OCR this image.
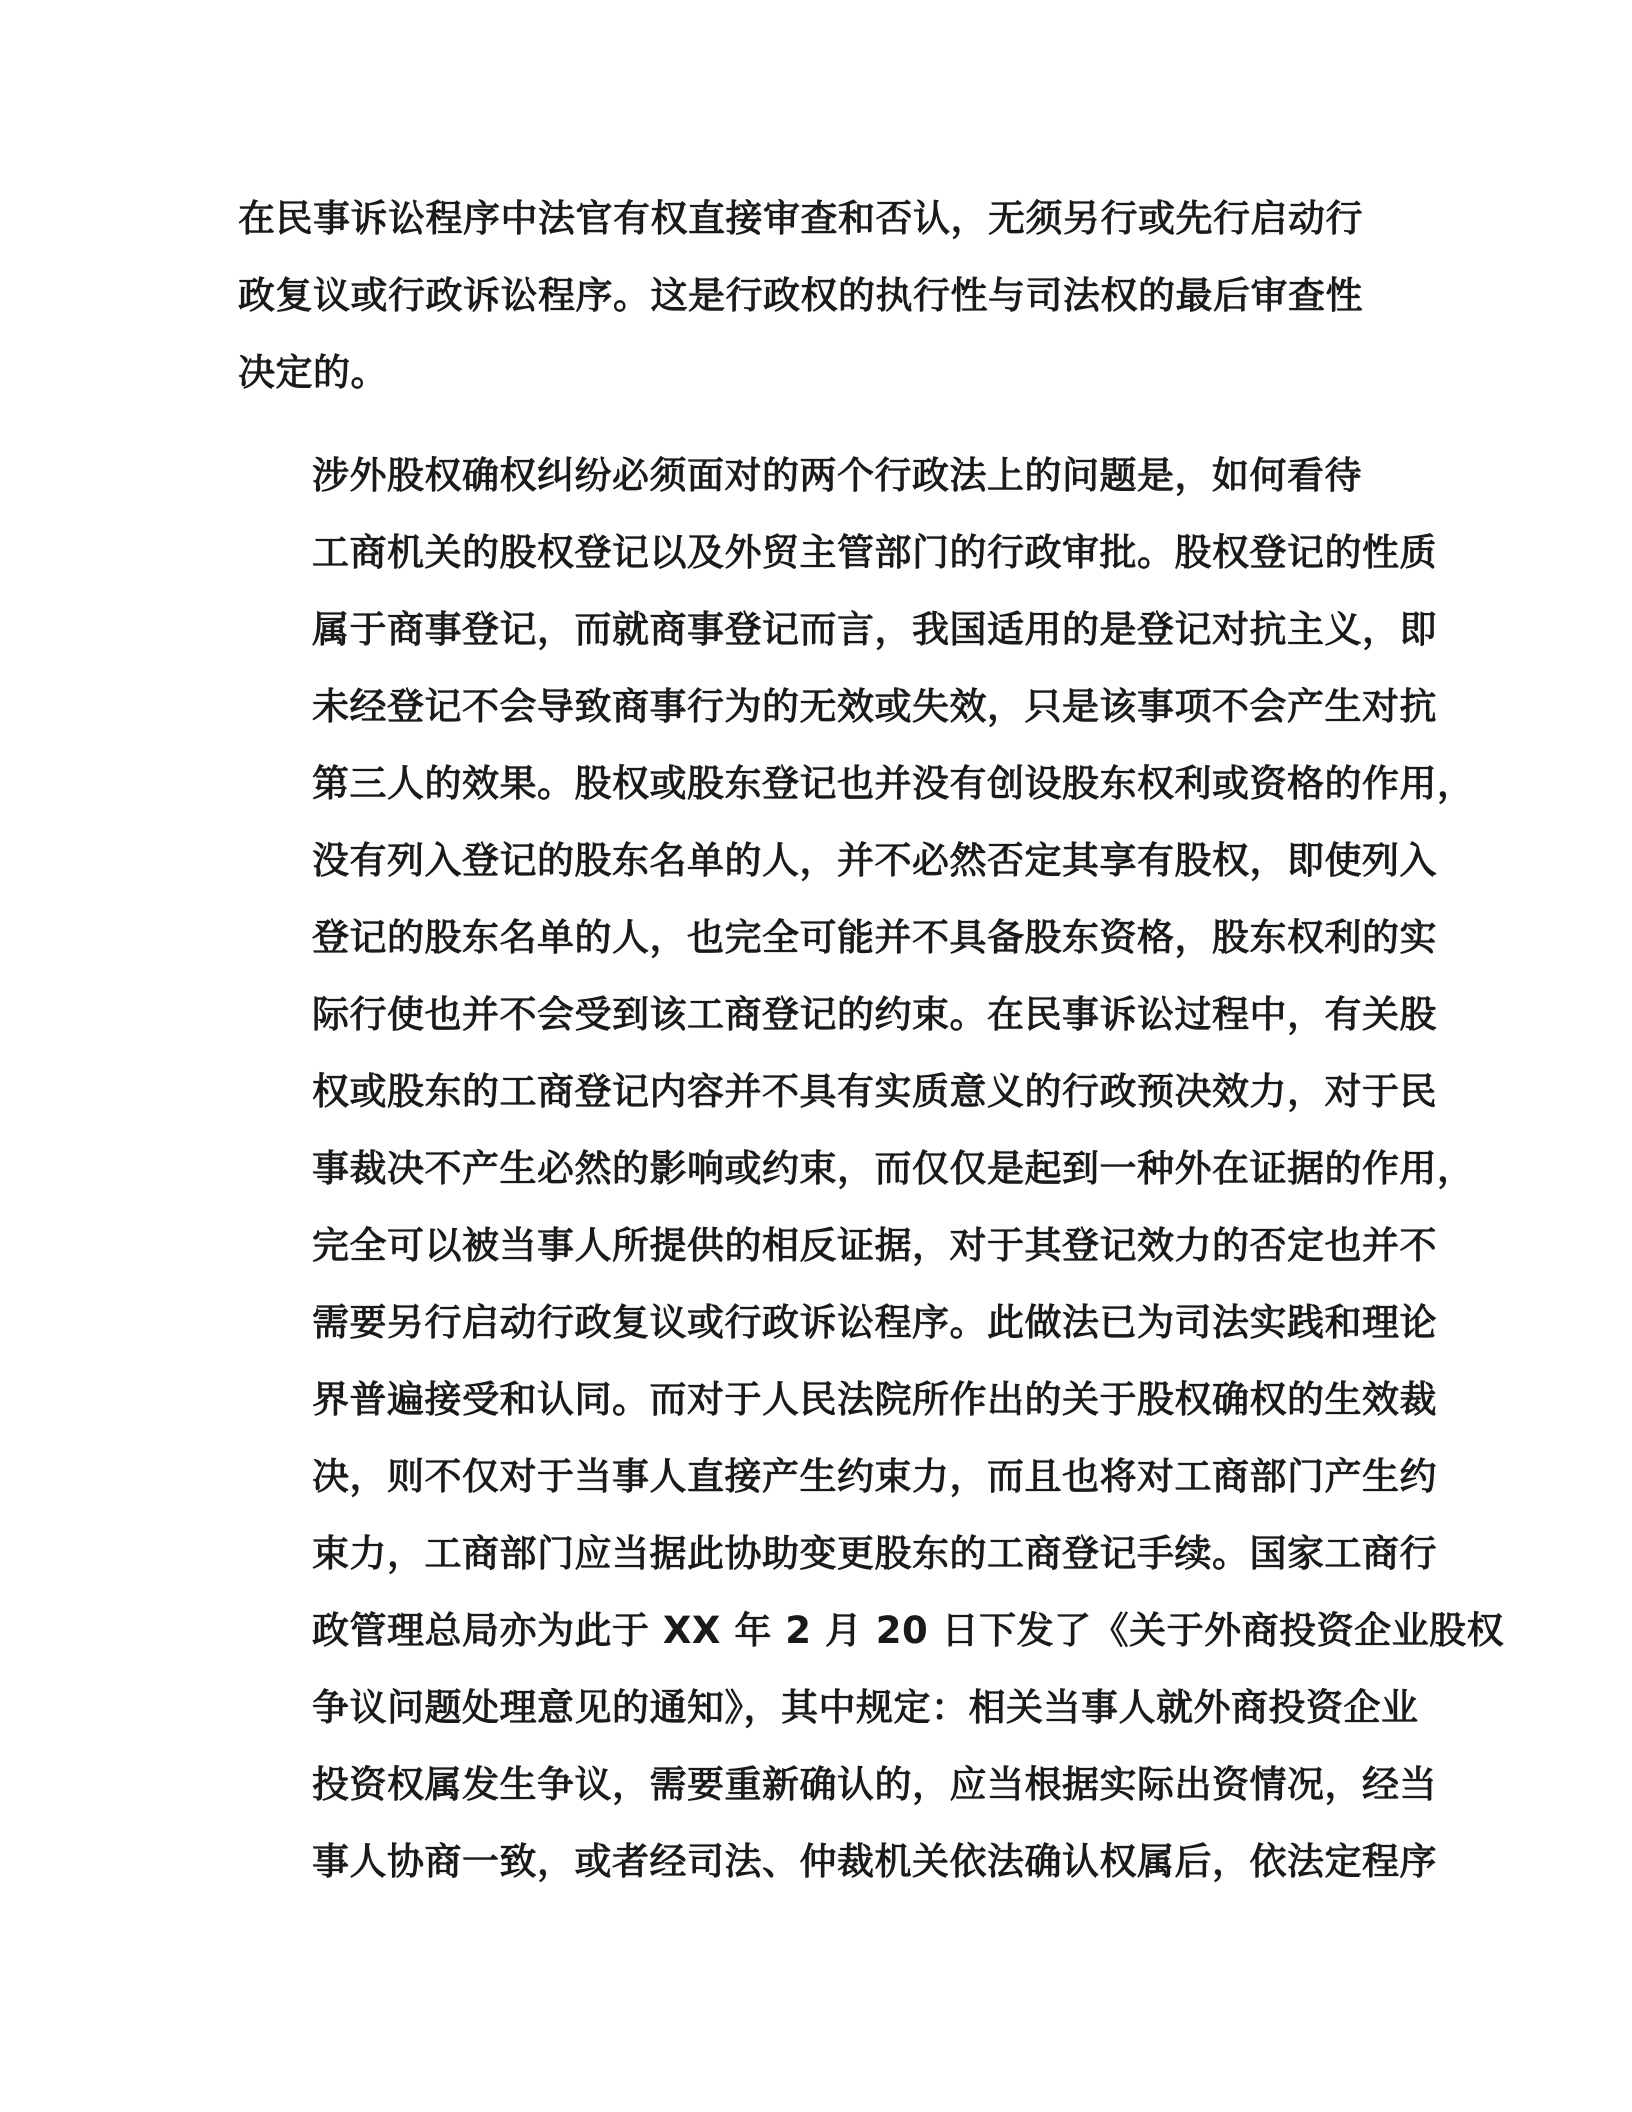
在民事诉讼程序中法官有权直接审查和否认，无须另行或先行启动行
政复议或行政诉讼程序。这是行政权的执行性与司法权的最后审查性
决定的。
涉外股权确权纠纷必须面对的两个行政法上的问题是，如何看待
工商机关的股权登记以及外贸主管部门的行政审批。股权登记的性质
属于商事登记，而就商事登记而言，我国适用的是登记对抗主义，即
未经登记不会导致商事行为的无效或失效，只是该事项不会产生对抗
第三人的效果。股权或股东登记也并没有创设股东权利或资格的作用，
没有列入登记的股东名单的人，并不必然否定其享有股权，即使列入
登记的股东名单的人，也完全可能并不具备股东资格，股东权利的实
际行使也并不会受到该工商登记的约束。在民事诉讼过程中，有关股
权或股东的工商登记内容并不具有实质意义的行政预决效力，对于民
事裁决不产生必然的影响或约束，而仅仅是起到一种外在证据的作用，
完全可以被当事人所提供的相反证据，对于其登记效力的否定也并不
需要另行启动行政复议或行政诉讼程序。此做法已为司法实践和理论
界普遍接受和认同。而对于人民法院所作出的关于股权确权的生效裁
决，则不仅对于当事人直接产生约束力，而且也将对工商部门产生约
束力，工商部门应当据此协助变更股东的工商登记手续。国家工商行
政管理总局亦为此于 XX 年 2 月 20 日下发了《关于外商投资企业股权
争议问题处理意见的通知》，其中规定：相关当事人就外商投资企业
投资权属发生争议，需要重新确认的，应当根据实际出资情况，经当
事人协商一致，或者经司法、仲裁机关依法确认权属后，依法定程序
